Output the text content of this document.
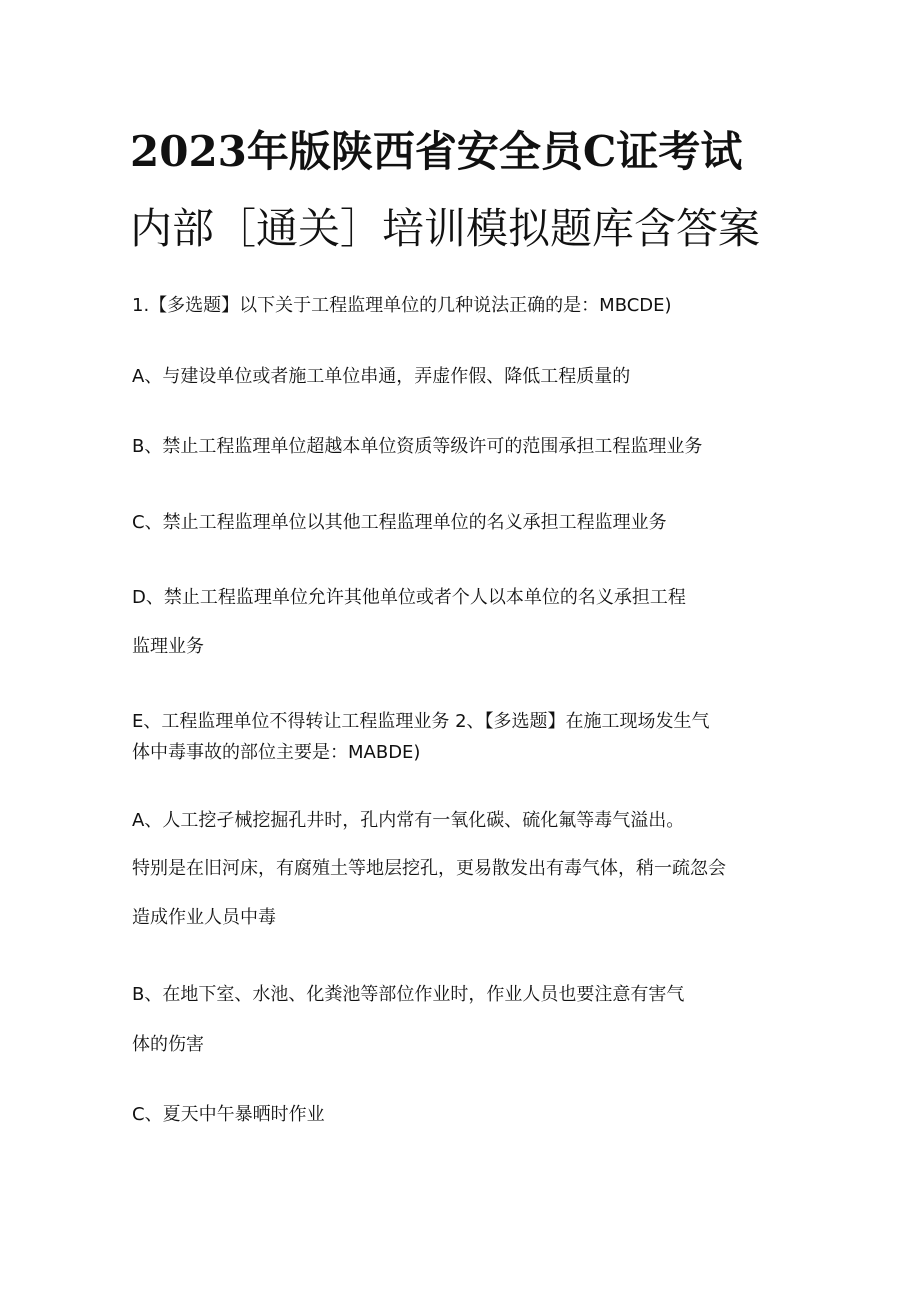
2023年版陕西省安全员C证考试
内部［通关］培训模拟题库含答案
1.【多选题】以下关于工程监理单位的几种说法正确的是：MBCDE)
A、与建设单位或者施工单位串通，弄虚作假、降低工程质量的
B、禁止工程监理单位超越本单位资质等级许可的范围承担工程监理业务
C、禁止工程监理单位以其他工程监理单位的名义承担工程监理业务
D、禁止工程监理单位允许其他单位或者个人以本单位的名义承担工程
监理业务
E、工程监理单位不得转让工程监理业务 2、【多选题】在施工现场发生气
体中毒事故的部位主要是：MABDE)
A、人工挖孑械挖掘孔井时，孔内常有一氧化碳、硫化氟等毒气溢出。
特别是在旧河床，有腐殖土等地层挖孔，更易散发出有毒气体，稍一疏忽会
造成作业人员中毒
B、在地下室、水池、化粪池等部位作业时，作业人员也要注意有害气
体的伤害
C、夏天中午暴晒时作业
